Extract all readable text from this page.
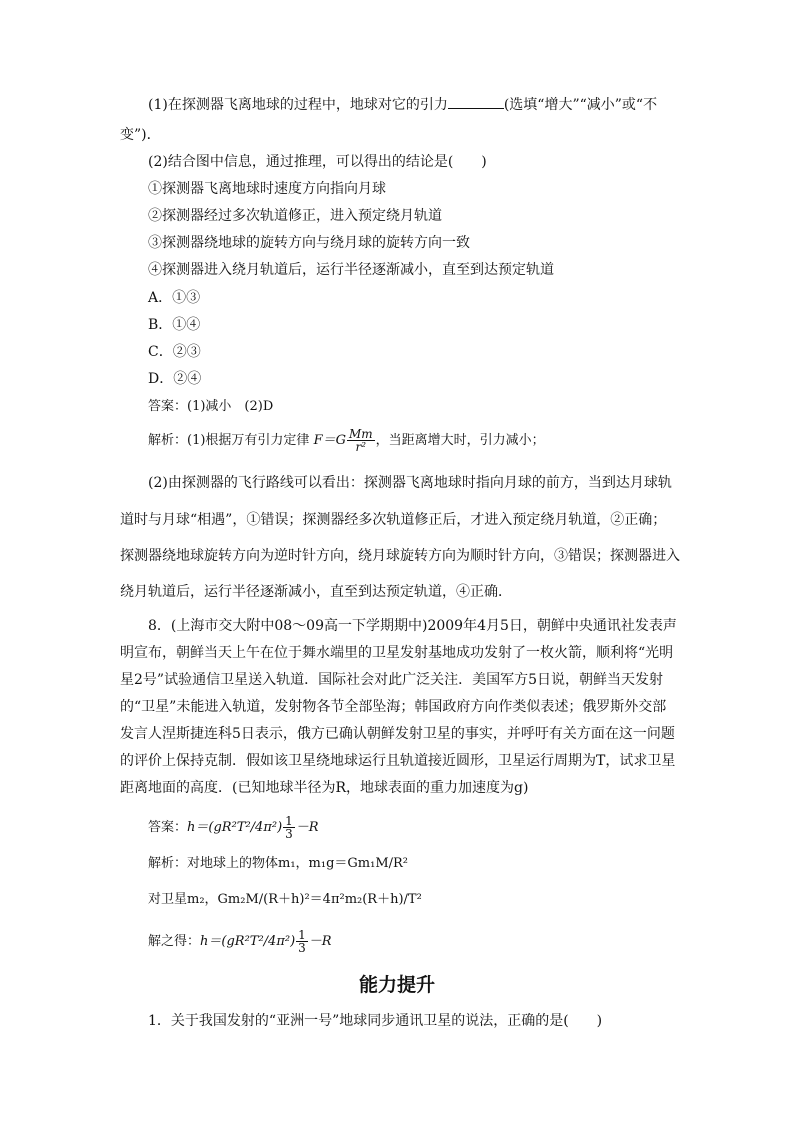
(1)在探测器飞离地球的过程中，地球对它的引力	(选填“增大”“减小”或“不
变”)．
(2)结合图中信息，通过推理，可以得出的结论是(　　)
①探测器飞离地球时速度方向指向月球
②探测器经过多次轨道修正，进入预定绕月轨道
③探测器绕地球的旋转方向与绕月球的旋转方向一致
④探测器进入绕月轨道后，运行半径逐渐减小，直至到达预定轨道
A．①③
B．①④
C．②③
D．②④
答案：(1)减小　(2)D
解析：(1)根据万有引力定律 $F=G \frac{Mm}{\text{r²}}$ ，当距离增大时，引力减小；
(2)由探测器的飞行路线可以看出：探测器飞离地球时指向月球的前方，当到达月球轨
道时与月球“相遇”，①错误；探测器经多次轨道修正后，才进入预定绕月轨道，②正确；
探测器绕地球旋转方向为逆时针方向，绕月球旋转方向为顺时针方向，③错误；探测器进入
绕月轨道后，运行半径逐渐减小，直至到达预定轨道，④正确．
8．(上海市交大附中08～09高一下学期期中)2009年4月5日，朝鲜中央通讯社发表声
明宣布，朝鲜当天上午在位于舞水端里的卫星发射基地成功发射了一枚火箭，顺利将“光明
星2号”试验通信卫星送入轨道．国际社会对此广泛关注．美国军方5日说，朝鲜当天发射
的“卫星”未能进入轨道，发射物各节全部坠海；韩国政府方向作类似表述；俄罗斯外交部
发言人涅斯捷连科5日表示，俄方已确认朝鲜发射卫星的事实，并呼吁有关方面在这一问题
的评价上保持克制．假如该卫星绕地球运行且轨道接近圆形，卫星运行周期为T，试求卫星
距离地面的高度．(已知地球半径为R，地球表面的重力加速度为g)
答案：$h=(gR^2T^2/4\pi^2) \frac{1}{3} -R$
解析：对地球上的物体m₁，m₁g＝Gm₁M/R²
对卫星m₂，Gm₂M/(R＋h)²＝4π²m₂(R＋h)/T²
解之得：$h=(gR^2T^2/4\pi^2) \frac{1}{3} -R$
能力提升
1．关于我国发射的“亚洲一号”地球同步通讯卫星的说法，正确的是(　　)
